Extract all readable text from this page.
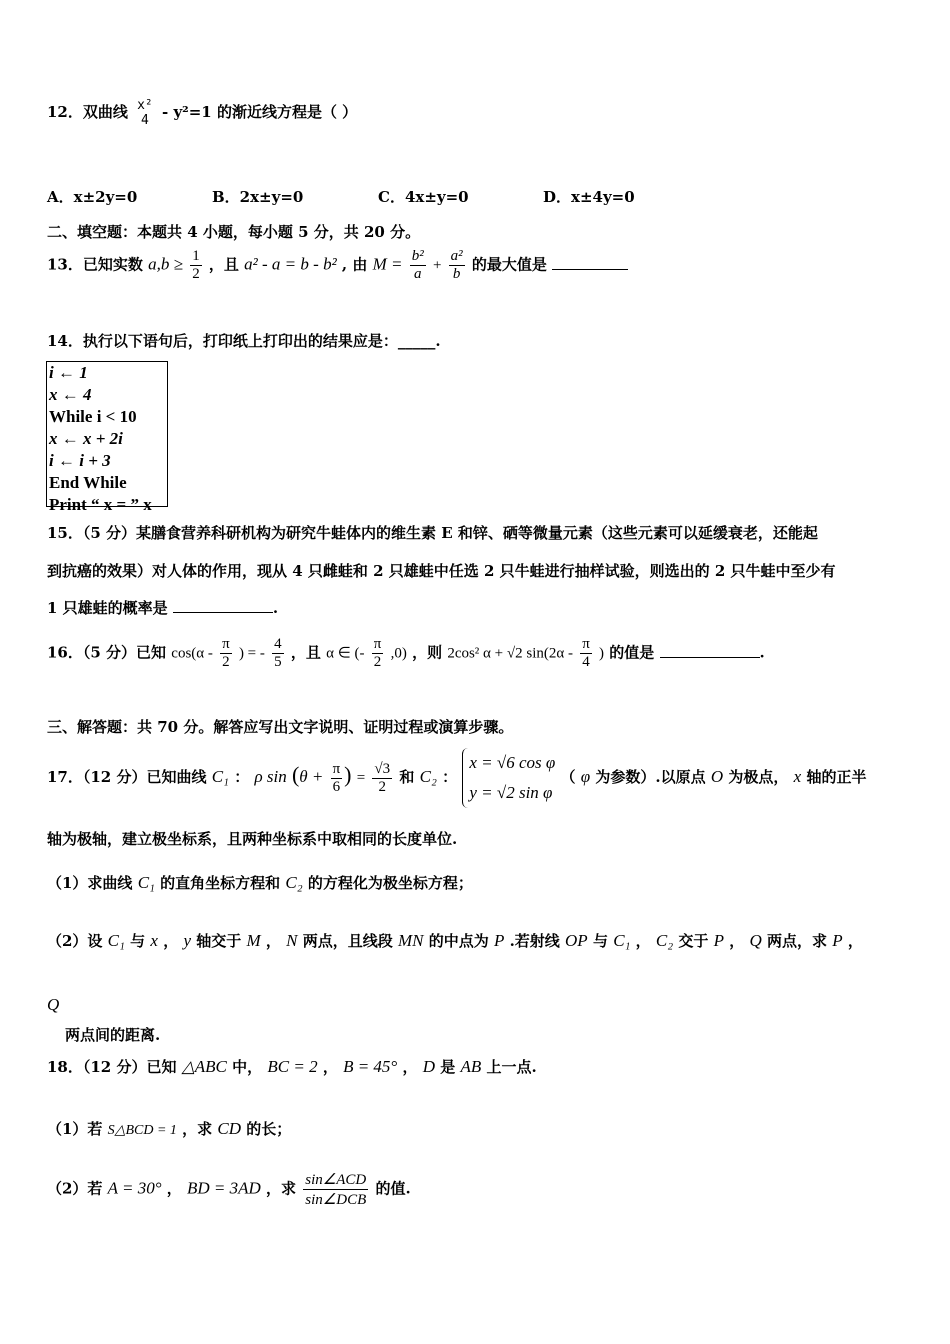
12．双曲线 x²
4 - y²=1 的渐近线方程是（ ）
A．x±2y=0	B．2x±y=0	C．4x±y=0	D．x±4y=0
二、填空题：本题共 4 小题，每小题 5 分，共 20 分。
13．已知实数 $a,b \ge \frac{1}{2}$ ，且 a² - a = b - b² , 由 $M = \frac{\text{b²}}{a} + \frac{\text{a²}}{b}$ 的最大值是
14．执行以下语句后，打印纸上打印出的结果应是：_____.
i ← 1
x ← 4
While i < 10
x ← x + 2i
i ← i + 3
End While
Print “ x = ” x
15．（5 分）某膳食营养科研机构为研究牛蛙体内的维生素 E 和锌、硒等微量元素（这些元素可以延缓衰老，还能起
到抗癌的效果）对人体的作用，现从 4 只雌蛙和 2 只雄蛙中任选 2 只牛蛙进行抽样试验，则选出的 2 只牛蛙中至少有
1 只雄蛙的概率是	.
16．（5 分）已知 $\cos(\alpha - \frac{\pi}{2}$ ) = - $\frac{4}{5}$ ，且 α ∈ (- $\frac{\pi}{2} ,0$) ，则 2cos² α + √2 $\sin(2\alpha - \frac{\pi}{4}$ ) 的值是	.
三、解答题：共 70 分。解答应写出文字说明、证明过程或演算步骤。
17．（12 分）已知曲线 C₁ ： ρ $\sin (\theta + \frac{\pi}{6}$ ) = $\frac{√3}{2}$ 和 C₂ ：
x = √6 cos φ
y = √2 sin φ
（ φ 为参数）.以原点 O 为极点， x 轴的正半
轴为极轴，建立极坐标系，且两种坐标系中取相同的长度单位.
（1）求曲线 C₁ 的直角坐标方程和 C₂ 的方程化为极坐标方程；
（2）设 C₁ 与 x ， y 轴交于 M ， N 两点，且线段 MN 的中点为 P .若射线 OP 与 C₁ ， C₂ 交于 P ， Q 两点，求 P ，
Q
两点间的距离.
18．（12 分）已知 △ABC 中， BC = 2 ， B = 45° ， D 是 AB 上一点.
（1）若 S△BCD = 1 ，求 CD 的长；
（2）若 A = 30° ， BD = 3AD ，求 $\frac{\text{sin∠ACD}}{\text{sin∠DCB}}$ 的值.
